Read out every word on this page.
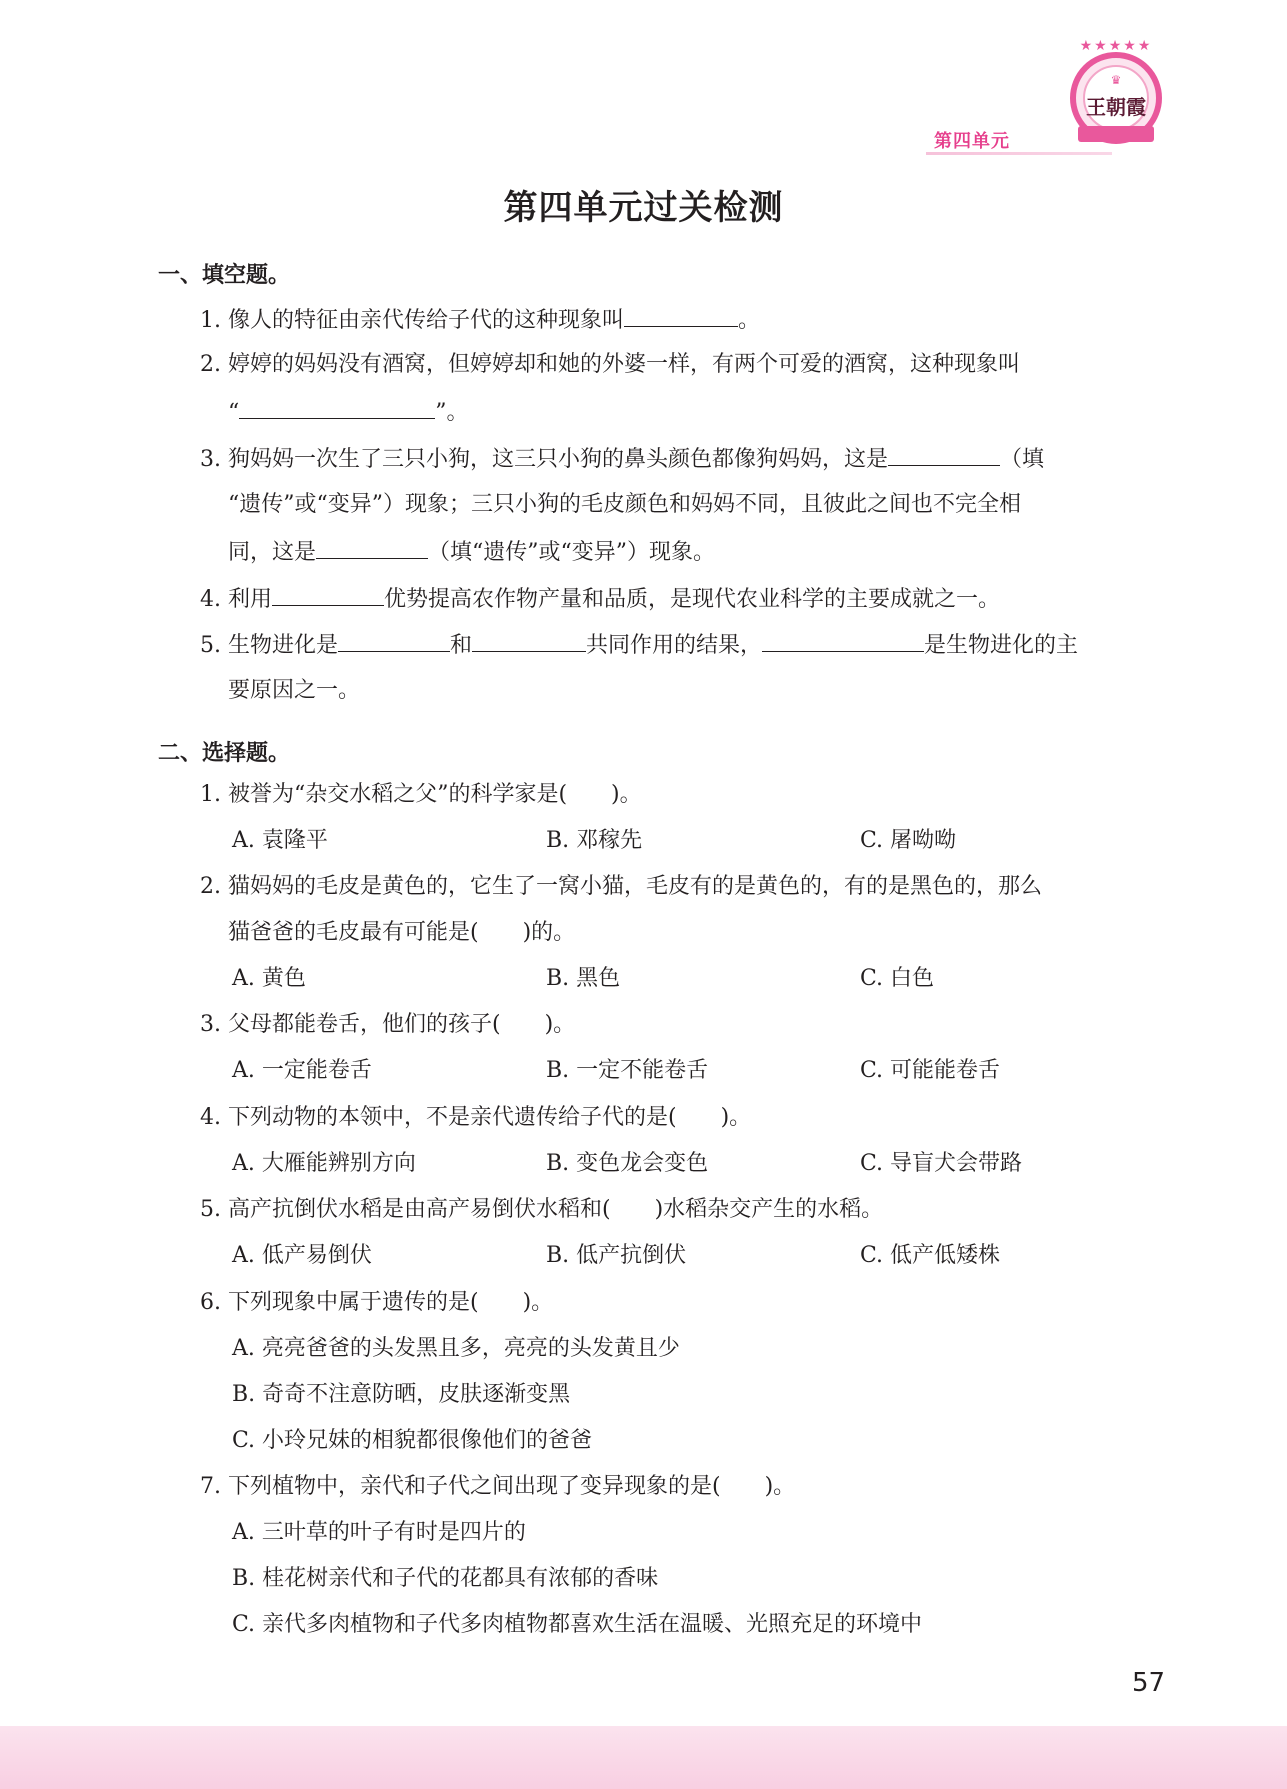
第四单元
★★★★★
♛
王朝霞
第四单元过关检测
一、填空题。
1. 像人的特征由亲代传给子代的这种现象叫	。
2. 婷婷的妈妈没有酒窝，但婷婷却和她的外婆一样，有两个可爱的酒窝，这种现象叫
“	”。
3. 狗妈妈一次生了三只小狗，这三只小狗的鼻头颜色都像狗妈妈，这是	（填
“遗传”或“变异”）现象；三只小狗的毛皮颜色和妈妈不同，且彼此之间也不完全相
同，这是	（填“遗传”或“变异”）现象。
4. 利用	优势提高农作物产量和品质，是现代农业科学的主要成就之一。
5. 生物进化是	和	共同作用的结果，	是生物进化的主
要原因之一。
二、选择题。
1. 被誉为“杂交水稻之父”的科学家是(　　)。
A. 袁隆平	B. 邓稼先	C. 屠呦呦
2. 猫妈妈的毛皮是黄色的，它生了一窝小猫，毛皮有的是黄色的，有的是黑色的，那么
猫爸爸的毛皮最有可能是(　　)的。
A. 黄色	B. 黑色	C. 白色
3. 父母都能卷舌，他们的孩子(　　)。
A. 一定能卷舌	B. 一定不能卷舌	C. 可能能卷舌
4. 下列动物的本领中，不是亲代遗传给子代的是(　　)。
A. 大雁能辨别方向	B. 变色龙会变色	C. 导盲犬会带路
5. 高产抗倒伏水稻是由高产易倒伏水稻和(　　)水稻杂交产生的水稻。
A. 低产易倒伏	B. 低产抗倒伏	C. 低产低矮株
6. 下列现象中属于遗传的是(　　)。
A. 亮亮爸爸的头发黑且多，亮亮的头发黄且少
B. 奇奇不注意防晒，皮肤逐渐变黑
C. 小玲兄妹的相貌都很像他们的爸爸
7. 下列植物中，亲代和子代之间出现了变异现象的是(　　)。
A. 三叶草的叶子有时是四片的
B. 桂花树亲代和子代的花都具有浓郁的香味
C. 亲代多肉植物和子代多肉植物都喜欢生活在温暖、光照充足的环境中
57
